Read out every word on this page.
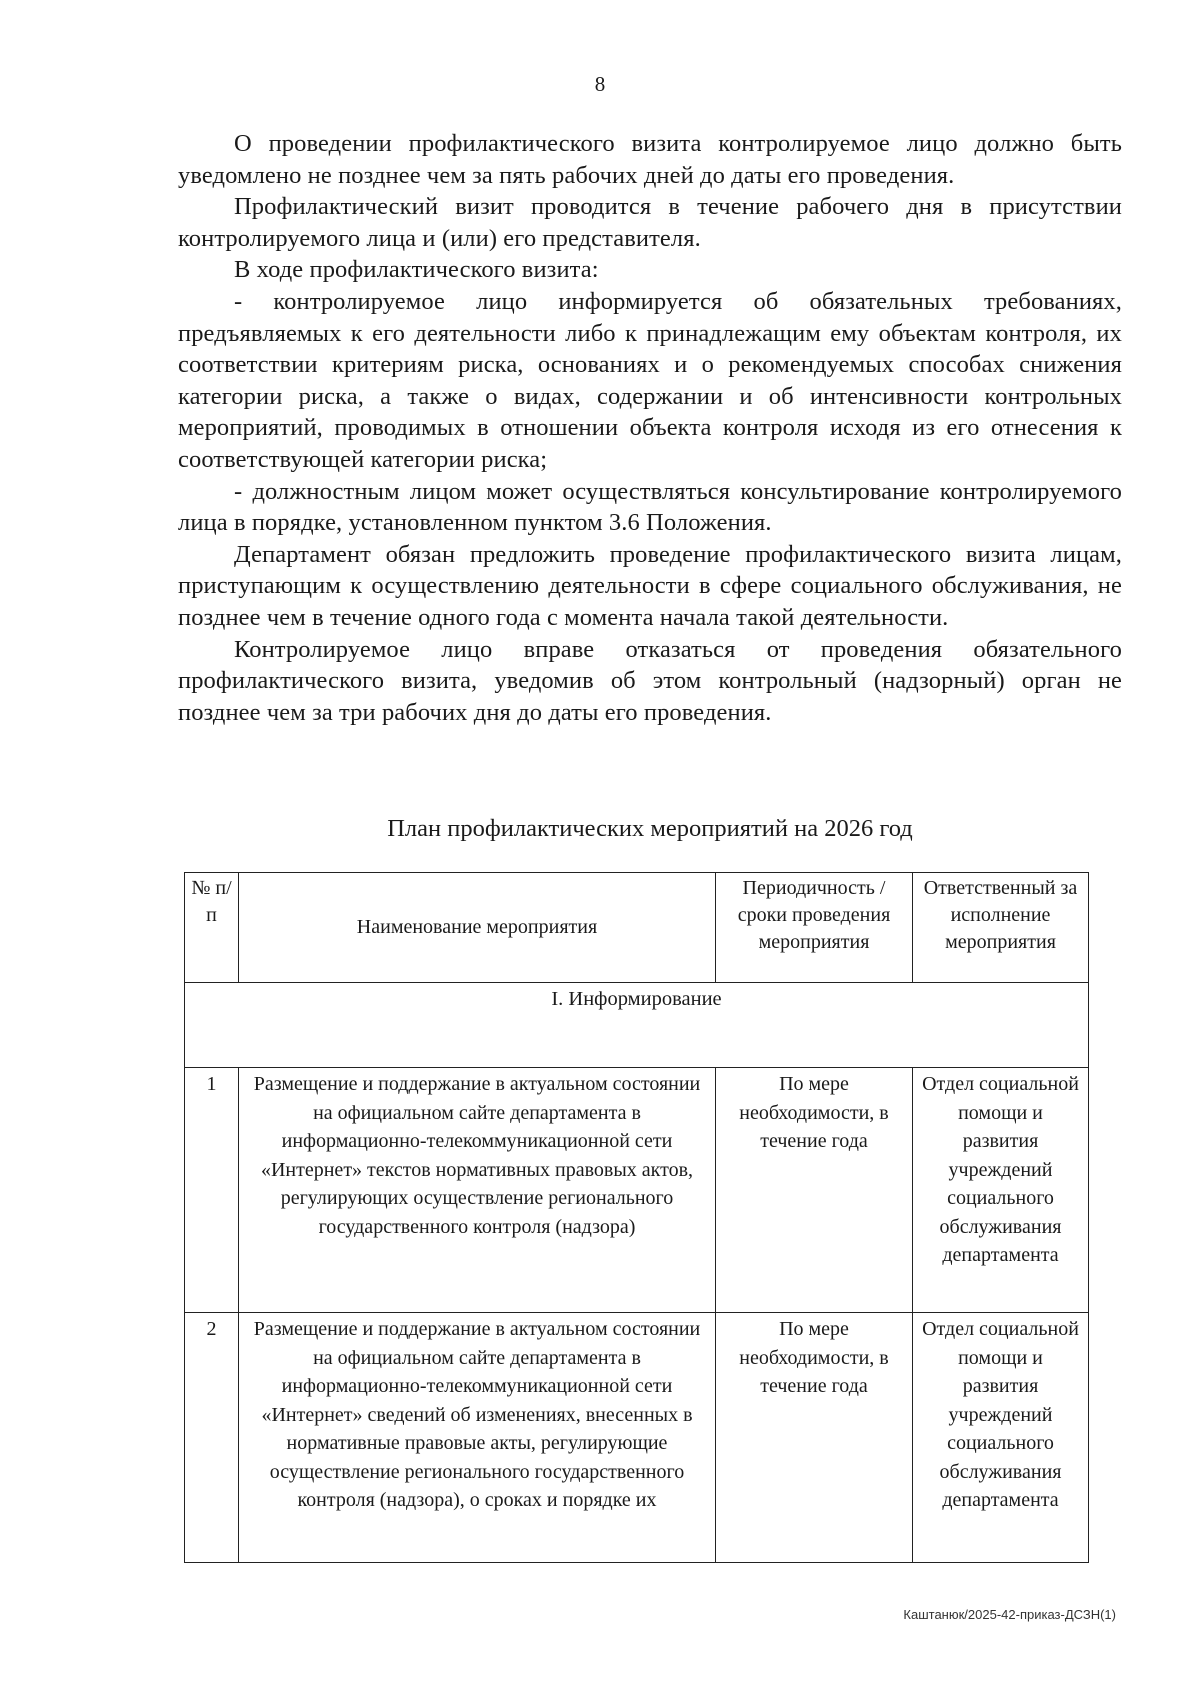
8

О проведении профилактического визита контролируемое лицо должно быть уведомлено не позднее чем за пять рабочих дней до даты его проведения.

Профилактический визит проводится в течение рабочего дня в присутствии контролируемого лица и (или) его представителя.

В ходе профилактического визита:

- контролируемое лицо информируется об обязательных требованиях, предъявляемых к его деятельности либо к принадлежащим ему объектам контроля, их соответствии критериям риска, основаниях и о рекомендуемых способах снижения категории риска, а также о видах, содержании и об интенсивности контрольных мероприятий, проводимых в отношении объекта контроля исходя из его отнесения к соответствующей категории риска;

- должностным лицом может осуществляться консультирование контролируемого лица в порядке, установленном пунктом 3.6 Положения.

Департамент обязан предложить проведение профилактического визита лицам, приступающим к осуществлению деятельности в сфере социального обслуживания, не позднее чем в течение одного года с момента начала такой деятельности.

Контролируемое лицо вправе отказаться от проведения обязательного профилактического визита, уведомив об этом контрольный (надзорный) орган не позднее чем за три рабочих дня до даты его проведения.

План профилактических мероприятий на 2026 год
№ п/п	Наименование мероприятия	Периодичность / сроки проведения мероприятия	Ответственный за исполнение мероприятия
I. Информирование			
1	Размещение и поддержание в актуальном состоянии на официальном сайте департамента в информационно-телекоммуникационной сети «Интернет» текстов нормативных правовых актов, регулирующих осуществление регионального государственного контроля (надзора)	По мере необходимости, в течение года	Отдел социальной помощи и развития учреждений социального обслуживания департамента
2	Размещение и поддержание в актуальном состоянии на официальном сайте департамента в информационно-телекоммуникационной сети «Интернет» сведений об изменениях, внесенных в нормативные правовые акты, регулирующие осуществление регионального государственного контроля (надзора), о сроках и порядке их	По мере необходимости, в течение года	Отдел социальной помощи и развития учреждений социального обслуживания департамента
Каштанюк/2025-42-приказ-ДСЗН(1)
